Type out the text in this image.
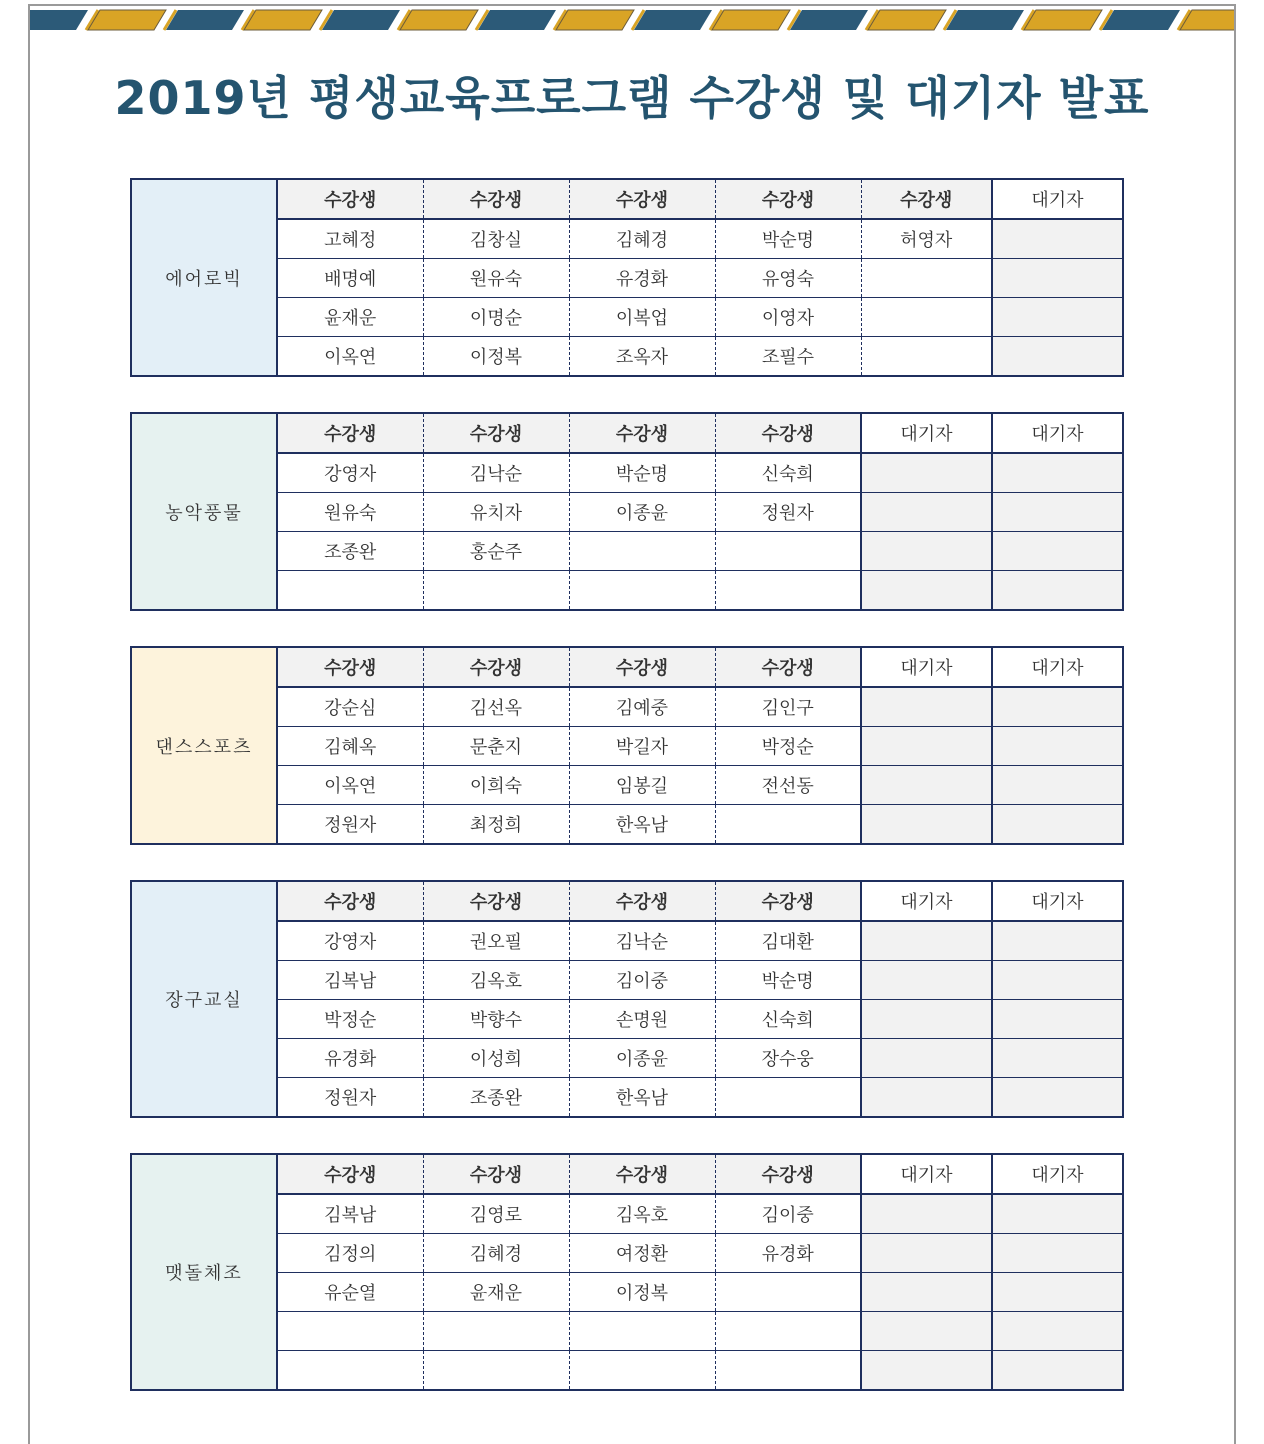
2019년 평생교육프로그램 수강생 및 대기자 발표
에어로빅	수강생	수강생	수강생	수강생	수강생	대기자
	고혜정	김창실	김혜경	박순명	허영자	
	배명예	원유숙	유경화	유영숙		
	윤재운	이명순	이복업	이영자		
	이옥연	이정복	조옥자	조필수		
농악풍물	수강생	수강생	수강생	수강생	대기자	대기자
	강영자	김낙순	박순명	신숙희		
	원유숙	유치자	이종윤	정원자		
	조종완	홍순주				

댄스스포츠	수강생	수강생	수강생	수강생	대기자	대기자
	강순심	김선옥	김예중	김인구		
	김혜옥	문춘지	박길자	박정순		
	이옥연	이희숙	임봉길	전선동		
	정원자	최정희	한옥남			
장구교실	수강생	수강생	수강생	수강생	대기자	대기자
	강영자	권오필	김낙순	김대환		
	김복남	김옥호	김이중	박순명		
	박정순	박향수	손명원	신숙희		
	유경화	이성희	이종윤	장수웅		
	정원자	조종완	한옥남			
맷돌체조	수강생	수강생	수강생	수강생	대기자	대기자
	김복남	김영로	김옥호	김이중		
	김정의	김혜경	여정환	유경화		
	유순열	윤재운	이정복			
